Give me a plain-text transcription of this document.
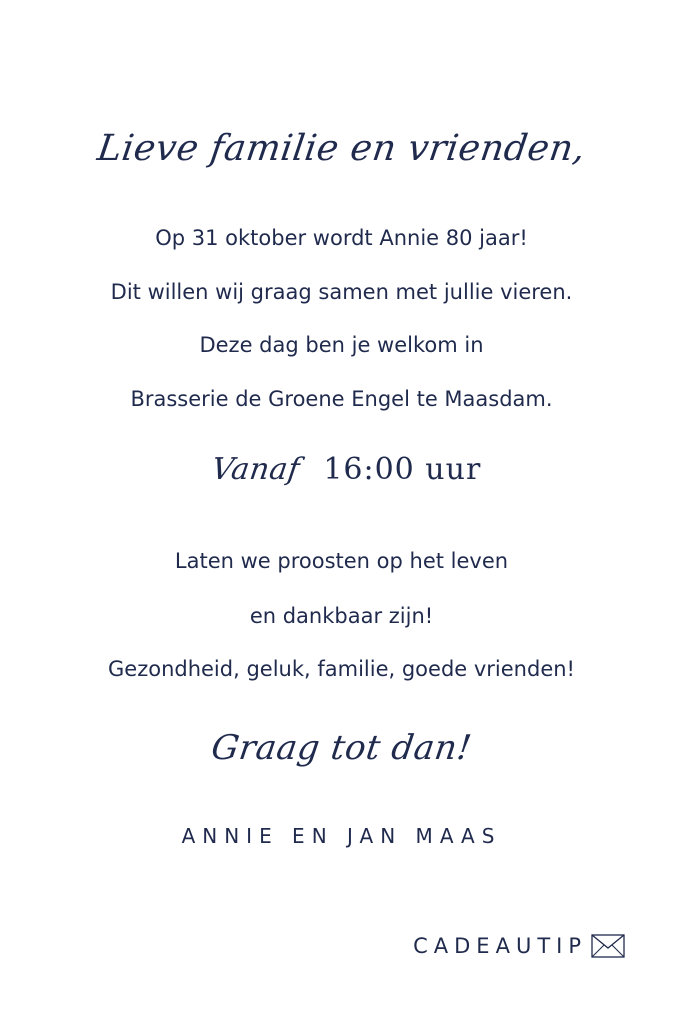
Lieve familie en vrienden,
Op 31 oktober wordt Annie 80 jaar!
Dit willen wij graag samen met jullie vieren.
Deze dag ben je welkom in
Brasserie de Groene Engel te Maasdam.
Vanaf 16:00 uur
Laten we proosten op het leven
en dankbaar zijn!
Gezondheid, geluk, familie, goede vrienden!
Graag tot dan!
ANNIE EN JAN MAAS
CADEAUTIP
